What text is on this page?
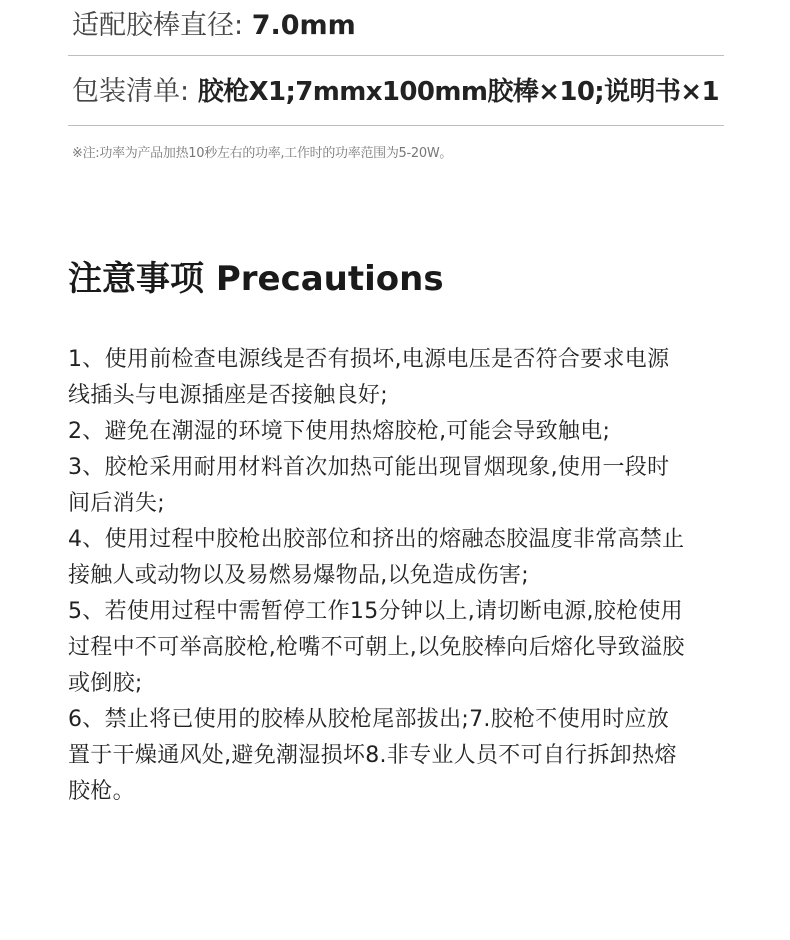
适配胶棒直径: 7.0mm
包装清单: 胶枪X1;7mmx100mm胶棒×10;说明书×1
※注:功率为产品加热10秒左右的功率,工作时的功率范围为5-20W。
注意事项 Precautions
1、使用前检查电源线是否有损坏,电源电压是否符合要求电源
线插头与电源插座是否接触良好;
2、避免在潮湿的环境下使用热熔胶枪,可能会导致触电;
3、胶枪采用耐用材料首次加热可能出现冒烟现象,使用一段时
间后消失;
4、使用过程中胶枪出胶部位和挤出的熔融态胶温度非常高禁止
接触人或动物以及易燃易爆物品,以免造成伤害;
5、若使用过程中需暂停工作15分钟以上,请切断电源,胶枪使用
过程中不可举高胶枪,枪嘴不可朝上,以免胶棒向后熔化导致溢胶
或倒胶;
6、禁止将已使用的胶棒从胶枪尾部拔出;7.胶枪不使用时应放
置于干燥通风处,避免潮湿损坏8.非专业人员不可自行拆卸热熔
胶枪。
